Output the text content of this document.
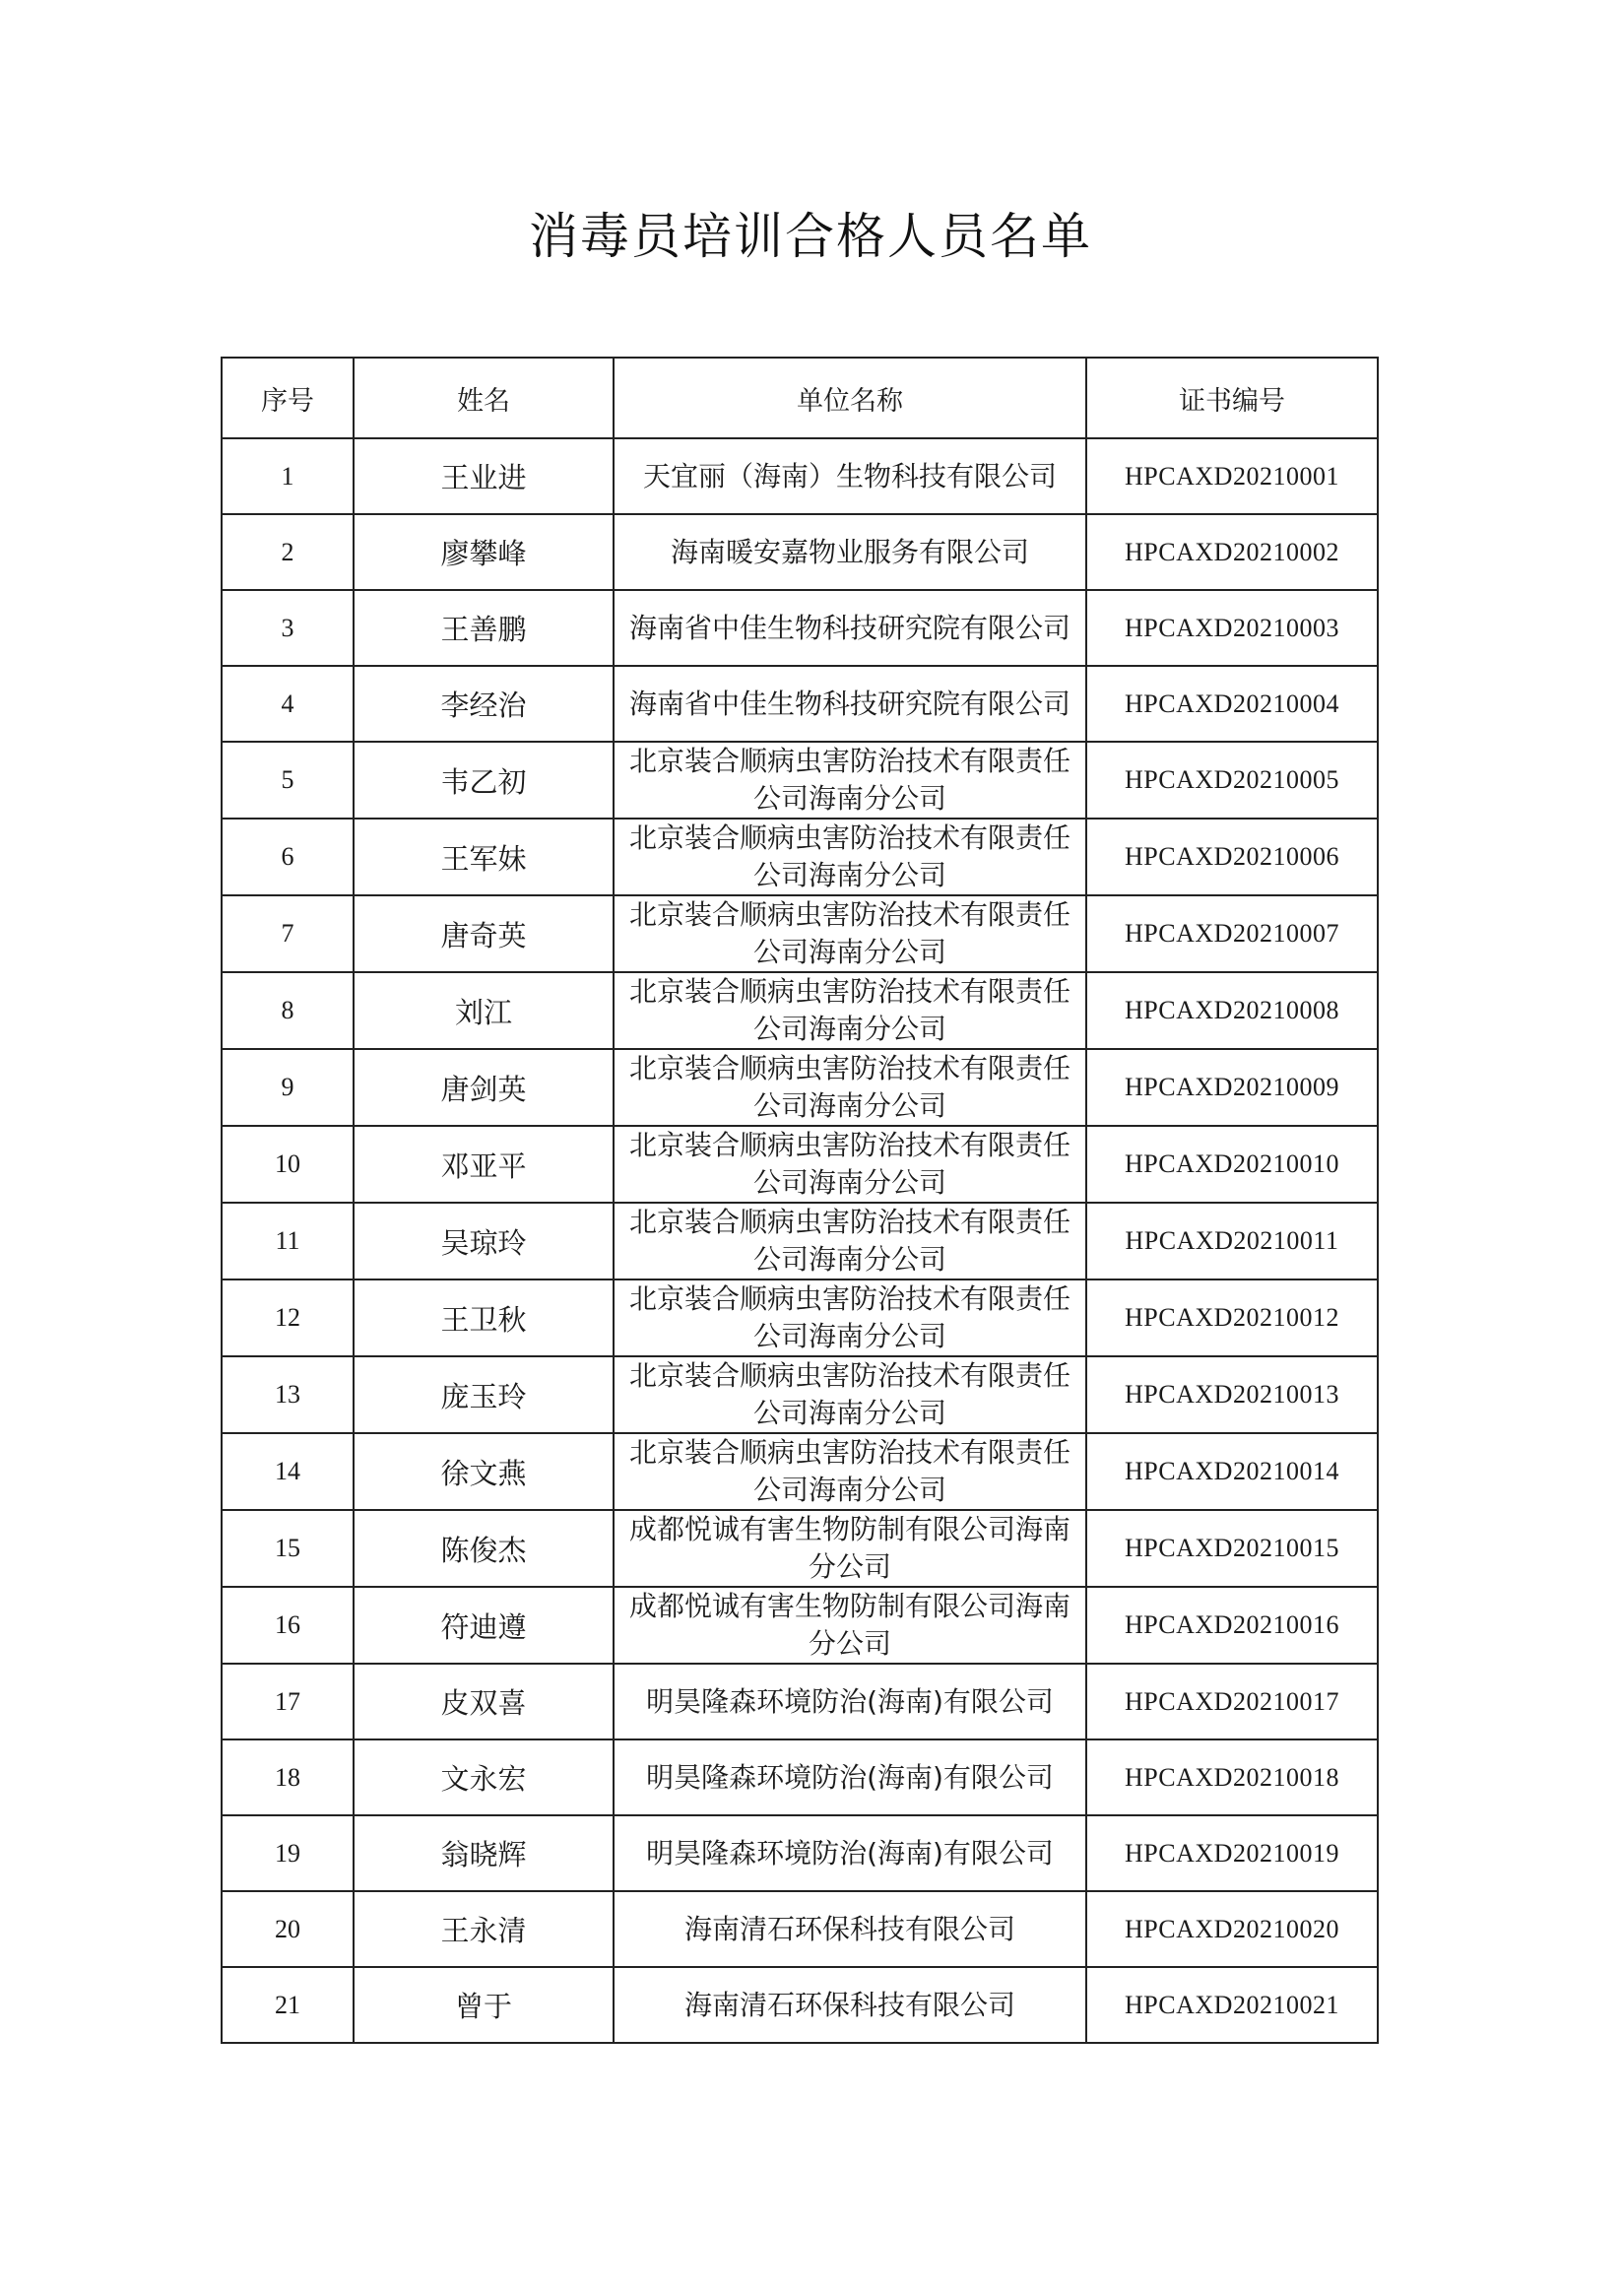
消毒员培训合格人员名单
序号	姓名	单位名称	证书编号
1	王业进	天宜丽（海南）生物科技有限公司	HPCAXD20210001
2	廖攀峰	海南暖安嘉物业服务有限公司	HPCAXD20210002
3	王善鹏	海南省中佳生物科技研究院有限公司	HPCAXD20210003
4	李经治	海南省中佳生物科技研究院有限公司	HPCAXD20210004
5	韦乙初	北京装合顺病虫害防治技术有限责任公司海南分公司	HPCAXD20210005
6	王军妹	北京装合顺病虫害防治技术有限责任公司海南分公司	HPCAXD20210006
7	唐奇英	北京装合顺病虫害防治技术有限责任公司海南分公司	HPCAXD20210007
8	刘江	北京装合顺病虫害防治技术有限责任公司海南分公司	HPCAXD20210008
9	唐剑英	北京装合顺病虫害防治技术有限责任公司海南分公司	HPCAXD20210009
10	邓亚平	北京装合顺病虫害防治技术有限责任公司海南分公司	HPCAXD20210010
11	吴琼玲	北京装合顺病虫害防治技术有限责任公司海南分公司	HPCAXD20210011
12	王卫秋	北京装合顺病虫害防治技术有限责任公司海南分公司	HPCAXD20210012
13	庞玉玲	北京装合顺病虫害防治技术有限责任公司海南分公司	HPCAXD20210013
14	徐文燕	北京装合顺病虫害防治技术有限责任公司海南分公司	HPCAXD20210014
15	陈俊杰	成都悦诚有害生物防制有限公司海南分公司	HPCAXD20210015
16	符迪遵	成都悦诚有害生物防制有限公司海南分公司	HPCAXD20210016
17	皮双喜	明昊隆森环境防治(海南)有限公司	HPCAXD20210017
18	文永宏	明昊隆森环境防治(海南)有限公司	HPCAXD20210018
19	翁晓辉	明昊隆森环境防治(海南)有限公司	HPCAXD20210019
20	王永清	海南清石环保科技有限公司	HPCAXD20210020
21	曾于	海南清石环保科技有限公司	HPCAXD20210021
